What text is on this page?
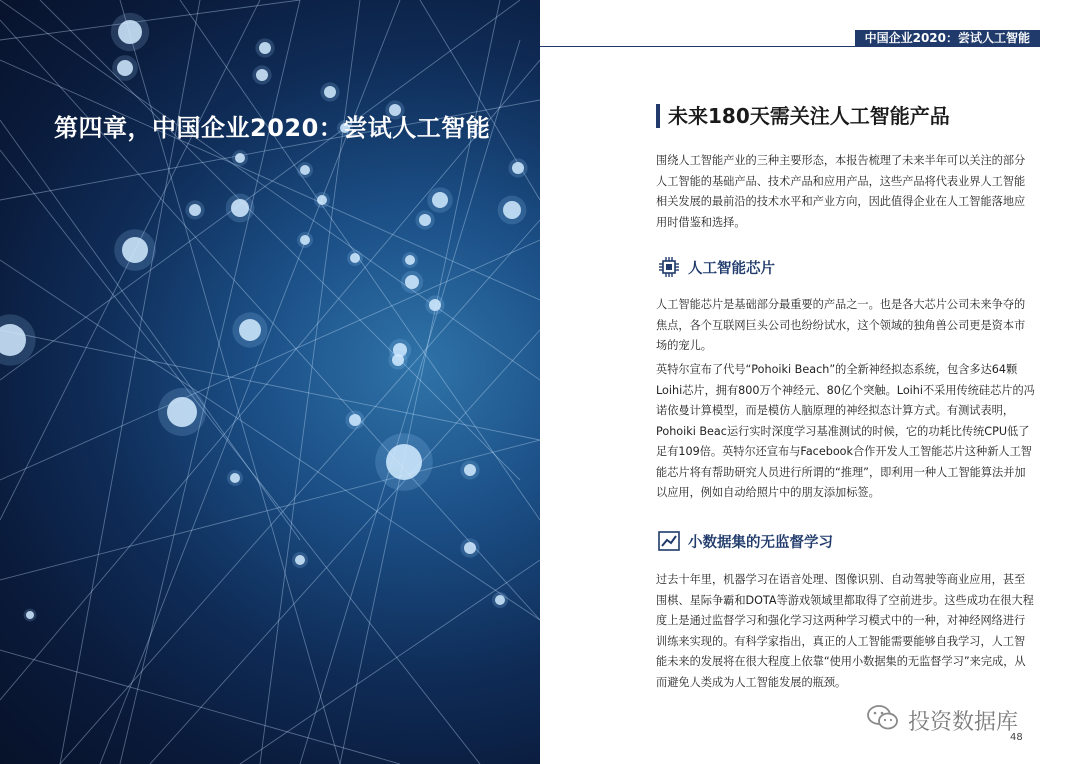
第四章，中国企业2020：尝试人工智能
中国企业2020：尝试人工智能
未来180天需关注人工智能产品

围绕人工智能产业的三种主要形态，本报告梳理了未来半年可以关注的部分人工智能的基础产品、技术产品和应用产品，这些产品将代表业界人工智能相关发展的最前沿的技术水平和产业方向，因此值得企业在人工智能落地应用时借鉴和选择。

人工智能芯片

人工智能芯片是基础部分最重要的产品之一。也是各大芯片公司未来争夺的焦点，各个互联网巨头公司也纷纷试水，这个领域的独角兽公司更是资本市场的宠儿。

英特尔宣布了代号“Pohoiki Beach”的全新神经拟态系统，包含多达64颗Loihi芯片，拥有800万个神经元、80亿个突触。Loihi不采用传统硅芯片的冯诺依曼计算模型，而是模仿人脑原理的神经拟态计算方式。有测试表明，Pohoiki Beac运行实时深度学习基准测试的时候，它的功耗比传统CPU低了足有109倍。英特尔还宣布与Facebook合作开发人工智能芯片这种新人工智能芯片将有帮助研究人员进行所谓的“推理”，即利用一种人工智能算法并加以应用，例如自动给照片中的朋友添加标签。

小数据集的无监督学习

过去十年里，机器学习在语音处理、图像识别、自动驾驶等商业应用，甚至围棋、星际争霸和DOTA等游戏领域里都取得了空前进步。这些成功在很大程度上是通过监督学习和强化学习这两种学习模式中的一种，对神经网络进行训练来实现的。有科学家指出，真正的人工智能需要能够自我学习，人工智能未来的发展将在很大程度上依靠“使用小数据集的无监督学习”来完成，从而避免人类成为人工智能发展的瓶颈。

投资数据库
48
